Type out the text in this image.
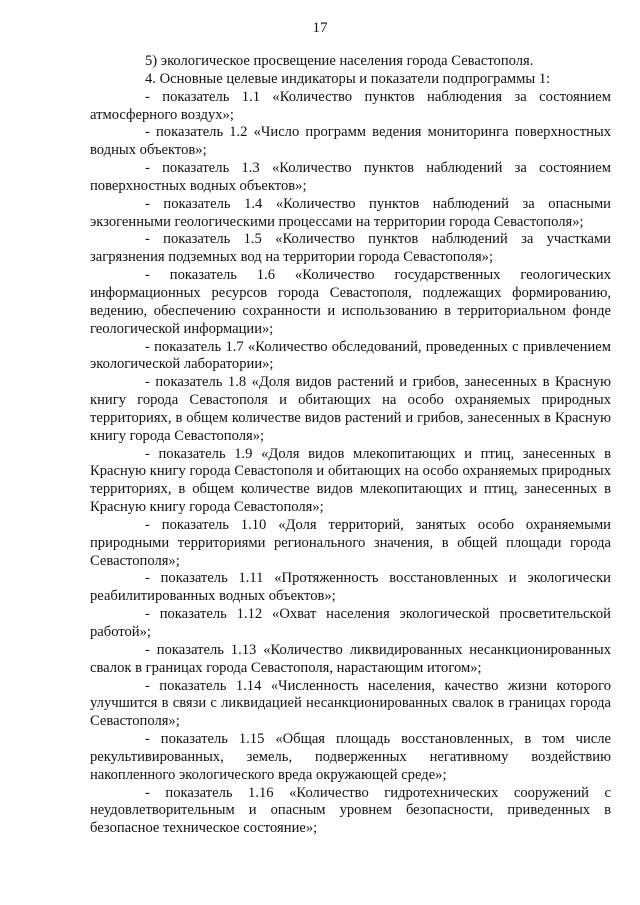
17

5) экологическое просвещение населения города Севастополя.

4. Основные целевые индикаторы и показатели подпрограммы 1:

- показатель 1.1 «Количество пунктов наблюдения за состоянием атмосферного воздух»;

- показатель 1.2 «Число программ ведения мониторинга поверхностных водных объектов»;

- показатель 1.3 «Количество пунктов наблюдений за состоянием поверхностных водных объектов»;

- показатель 1.4 «Количество пунктов наблюдений за опасными экзогенными геологическими процессами на территории города Севастополя»;

- показатель 1.5 «Количество пунктов наблюдений за участками загрязнения подземных вод на территории города Севастополя»;

- показатель 1.6 «Количество государственных геологических информационных ресурсов города Севастополя, подлежащих формированию, ведению, обеспечению сохранности и использованию в территориальном фонде геологической информации»;

- показатель 1.7 «Количество обследований, проведенных с привлечением экологической лаборатории»;

- показатель 1.8 «Доля видов растений и грибов, занесенных в Красную книгу города Севастополя и обитающих на особо охраняемых природных территориях, в общем количестве видов растений и грибов, занесенных в Красную книгу города Севастополя»;

- показатель 1.9 «Доля видов млекопитающих и птиц, занесенных в Красную книгу города Севастополя и обитающих на особо охраняемых природных территориях, в общем количестве видов млекопитающих и птиц, занесенных в Красную книгу города Севастополя»;

- показатель 1.10 «Доля территорий, занятых особо охраняемыми природными территориями регионального значения, в общей площади города Севастополя»;

- показатель 1.11 «Протяженность восстановленных и экологически реабилитированных водных объектов»;

- показатель 1.12 «Охват населения экологической просветительской работой»;

- показатель 1.13 «Количество ликвидированных несанкционированных свалок в границах города Севастополя, нарастающим итогом»;

- показатель 1.14 «Численность населения, качество жизни которого улучшится в связи с ликвидацией несанкционированных свалок в границах города Севастополя»;

- показатель 1.15 «Общая площадь восстановленных, в том числе рекультивированных, земель, подверженных негативному воздействию накопленного экологического вреда окружающей среде»;

- показатель 1.16 «Количество гидротехнических сооружений с неудовлетворительным и опасным уровнем безопасности, приведенных в безопасное техническое состояние»;
